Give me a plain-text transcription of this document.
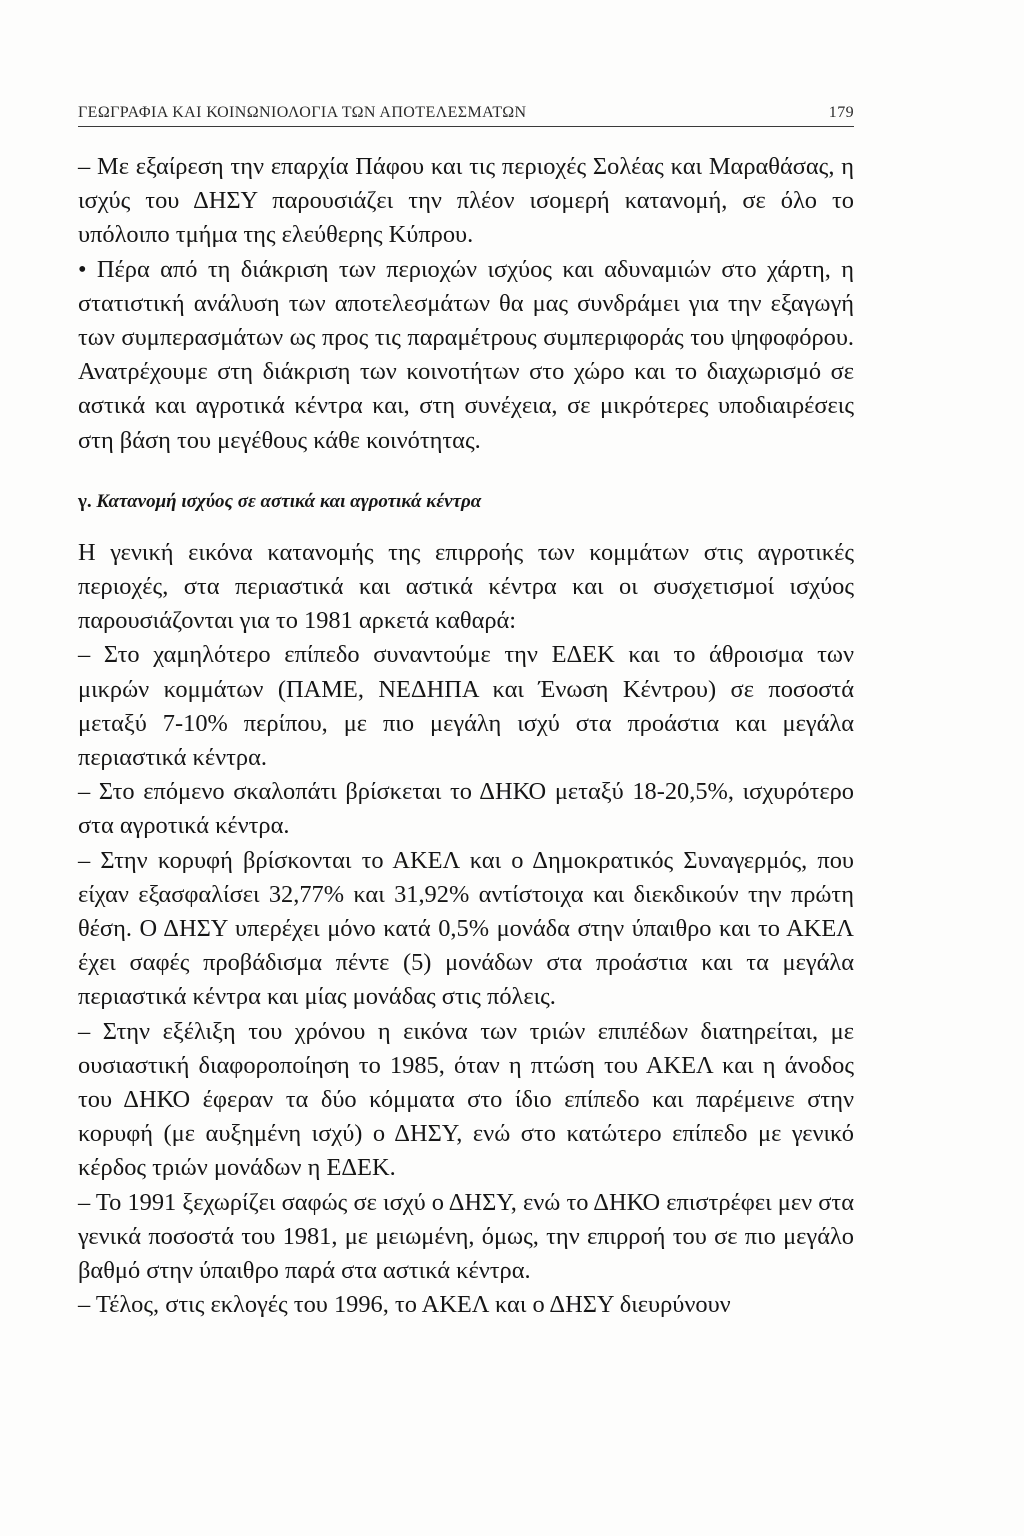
ΓΕΩΓΡΑΦΙΑ ΚΑΙ ΚΟΙΝΩΝΙΟΛΟΓΙΑ ΤΩΝ ΑΠΟΤΕΛΕΣΜΑΤΩΝ	179

– Με εξαίρεση την επαρχία Πάφου και τις περιοχές Σολέας και Μαραθάσας, η ισχύς του ΔΗΣΥ παρουσιάζει την πλέον ισομερή κατανομή, σε όλο το υπόλοιπο τμήμα της ελεύθερης Κύπρου.

• Πέρα από τη διάκριση των περιοχών ισχύος και αδυναμιών στο χάρτη, η στατιστική ανάλυση των αποτελεσμάτων θα μας συνδράμει για την εξαγωγή των συμπερασμάτων ως προς τις παραμέτρους συμπεριφοράς του ψηφοφόρου. Ανατρέχουμε στη διάκριση των κοινοτήτων στο χώρο και το διαχωρισμό σε αστικά και αγροτικά κέντρα και, στη συνέχεια, σε μικρότερες υποδιαιρέσεις στη βάση του μεγέθους κάθε κοινότητας.

γ. Κατανομή ισχύος σε αστικά και αγροτικά κέντρα

Η γενική εικόνα κατανομής της επιρροής των κομμάτων στις αγροτικές περιοχές, στα περιαστικά και αστικά κέντρα και οι συσχετισμοί ισχύος παρουσιάζονται για το 1981 αρκετά καθαρά:

– Στο χαμηλότερο επίπεδο συναντούμε την ΕΔΕΚ και το άθροισμα των μικρών κομμάτων (ΠΑΜΕ, ΝΕΔΗΠΑ και Ένωση Κέντρου) σε ποσοστά μεταξύ 7-10% περίπου, με πιο μεγάλη ισχύ στα προάστια και μεγάλα περιαστικά κέντρα.

– Στο επόμενο σκαλοπάτι βρίσκεται το ΔΗΚΟ μεταξύ 18-20,5%, ισχυρότερο στα αγροτικά κέντρα.

– Στην κορυφή βρίσκονται το ΑΚΕΛ και ο Δημοκρατικός Συναγερμός, που είχαν εξασφαλίσει 32,77% και 31,92% αντίστοιχα και διεκδικούν την πρώτη θέση. Ο ΔΗΣΥ υπερέχει μόνο κατά 0,5% μονάδα στην ύπαιθρο και το ΑΚΕΛ έχει σαφές προβάδισμα πέντε (5) μονάδων στα προάστια και τα μεγάλα περιαστικά κέντρα και μίας μονάδας στις πόλεις.

– Στην εξέλιξη του χρόνου η εικόνα των τριών επιπέδων διατηρείται, με ουσιαστική διαφοροποίηση το 1985, όταν η πτώση του ΑΚΕΛ και η άνοδος του ΔΗΚΟ έφεραν τα δύο κόμματα στο ίδιο επίπεδο και παρέμεινε στην κορυφή (με αυξημένη ισχύ) ο ΔΗΣΥ, ενώ στο κατώτερο επίπεδο με γενικό κέρδος τριών μονάδων η ΕΔΕΚ.

– Το 1991 ξεχωρίζει σαφώς σε ισχύ ο ΔΗΣΥ, ενώ το ΔΗΚΟ επιστρέφει μεν στα γενικά ποσοστά του 1981, με μειωμένη, όμως, την επιρροή του σε πιο μεγάλο βαθμό στην ύπαιθρο παρά στα αστικά κέντρα.

– Τέλος, στις εκλογές του 1996, το ΑΚΕΛ και ο ΔΗΣΥ διευρύνουν
